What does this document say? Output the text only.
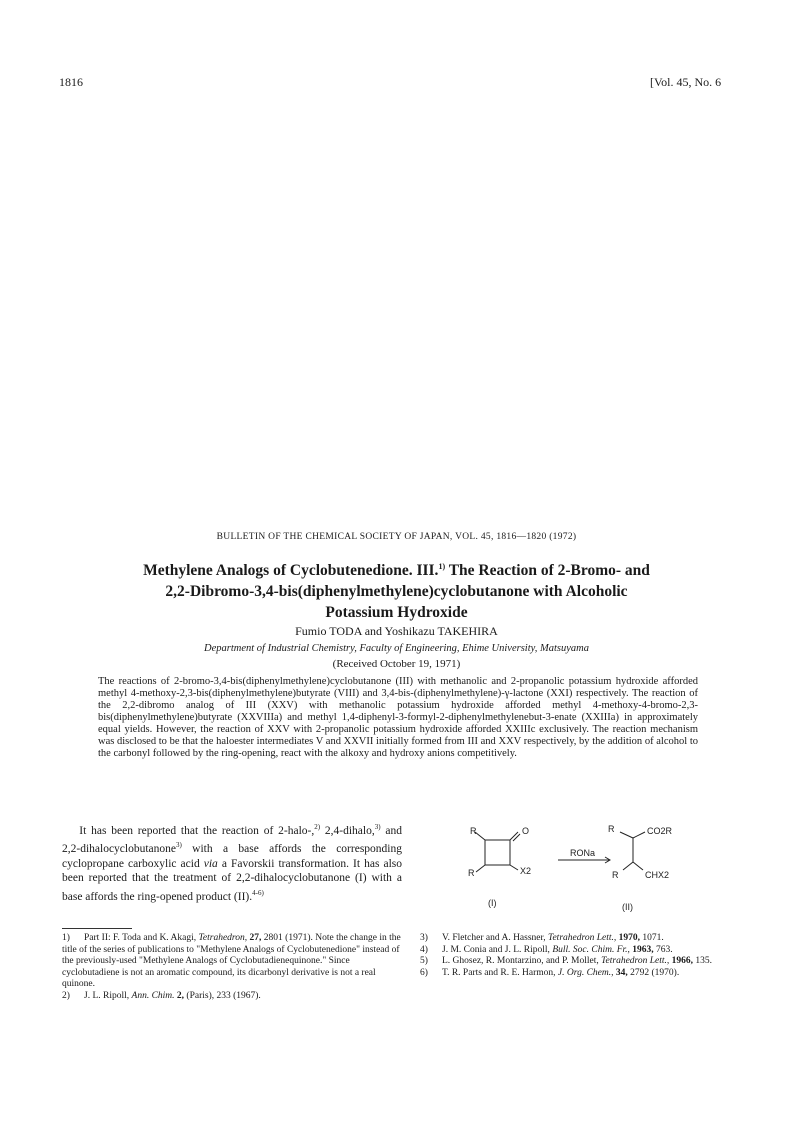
1816	[Vol. 45, No. 6
BULLETIN OF THE CHEMICAL SOCIETY OF JAPAN, VOL. 45, 1816—1820 (1972)
Methylene Analogs of Cyclobutenedione. III.$^{1)}$ The Reaction of 2-Bromo- and
2,2-Dibromo-3,4-bis(diphenylmethylene)cyclobutanone with Alcoholic
Potassium Hydroxide
Fumio TODA and Yoshikazu TAKEHIRA
Department of Industrial Chemistry, Faculty of Engineering, Ehime University, Matsuyama
(Received October 19, 1971)
The reactions of 2-bromo-3,4-bis(diphenylmethylene)cyclobutanone (III) with methanolic and 2-propanolic potassium hydroxide afforded methyl 4-methoxy-2,3-bis(diphenylmethylene)butyrate (VIII) and 3,4-bis-(diphenylmethylene)-γ-lactone (XXI) respectively. The reaction of the 2,2-dibromo analog of III (XXV) with methanolic potassium hydroxide afforded methyl 4-methoxy-4-bromo-2,3-bis(diphenylmethylene)butyrate (XXVIIIa) and methyl 1,4-diphenyl-3-formyl-2-diphenylmethylenebut-3-enate (XXIIIa) in approximately equal yields. However, the reaction of XXV with 2-propanolic potassium hydroxide afforded XXIIIc exclusively. The reaction mechanism was disclosed to be that the haloester intermediates V and XXVII initially formed from III and XXV respectively, by the addition of alcohol to the carbonyl followed by the ring-opening, react with the alkoxy and hydroxy anions competitively.

It has been reported that the reaction of 2-halo-,$^{2)}$ 2,4-dihalo,$^{3)}$ and 2,2-dihalocyclobutanone$^{3)}$ with a base affords the corresponding cyclopropane carboxylic acid via a Favorskii transformation. It has also been reported that the treatment of 2,2-dihalocyclobutanone (I) with a base affords the ring-opened product (II).$^{4-6)}$

R	O
R	X2
RONa
R	CO2R
R	CHX2
(I)	(II)

1) Part II: F. Toda and K. Akagi, Tetrahedron, 27, 2801 (1971). Note the change in the title of the series of publications to "Methylene Analogs of Cyclobutenedione" instead of the previously-used "Methylene Analogs of Cyclobutadienequinone." Since cyclobutadiene is not an aromatic compound, its dicarbonyl derivative is not a real quinone.

2) J. L. Ripoll, Ann. Chim. 2, (Paris), 233 (1967).

3) V. Fletcher and A. Hassner, Tetrahedron Lett., 1970, 1071.

4) J. M. Conia and J. L. Ripoll, Bull. Soc. Chim. Fr., 1963, 763.

5) L. Ghosez, R. Montarzino, and P. Mollet, Tetrahedron Lett., 1966, 135.

6) T. R. Parts and R. E. Harmon, J. Org. Chem., 34, 2792 (1970).
